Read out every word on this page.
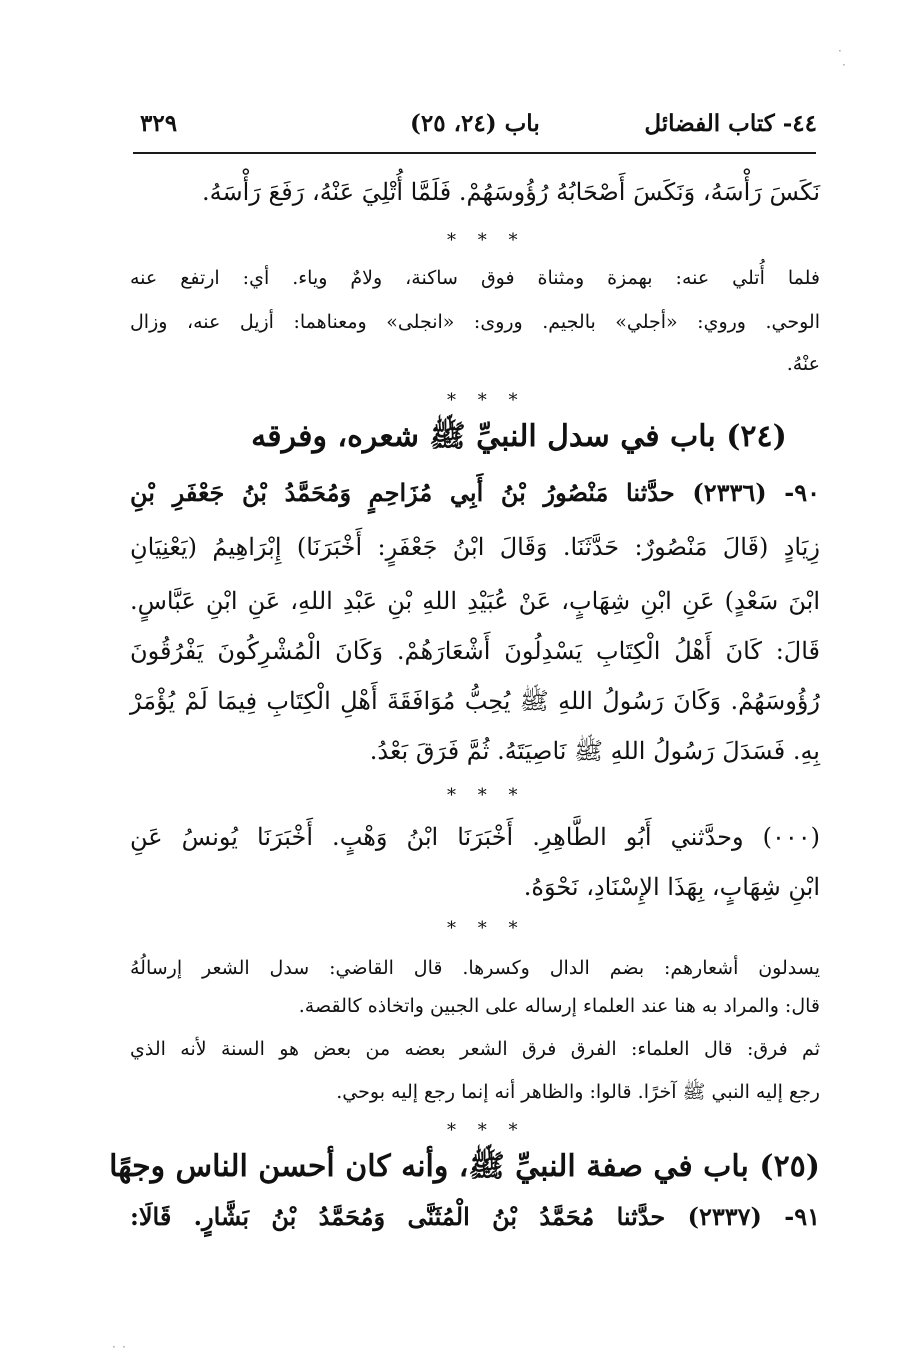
·
·
· ·
٤٤- كتاب الفضائل
باب (٢٤، ٢٥)
٣٢٩
نَكَسَ رَأْسَهُ، وَنَكَسَ أَصْحَابُهُ رُؤُوسَهُمْ. فَلَمَّا أُتْلِيَ عَنْهُ، رَفَعَ رَأْسَهُ.
* * *
فلما أُتلي عنه: بهمزة ومثناة فوق ساكنة، ولامٌ وياء. أي: ارتفع عنه
الوحي. وروي: «أجلي» بالجيم. وروى: «انجلى» ومعناهما: أزيل عنه، وزال
عنْهُ.
* * *
(٢٤) باب في سدل النبيِّ ﷺ شعره، وفرقه
٩٠- (٢٣٣٦) حدَّثنا مَنْصُورُ بْنُ أَبِي مُزَاحِمٍ وَمُحَمَّدُ بْنُ جَعْفَرِ بْنِ
زِيَادٍ (قَالَ مَنْصُورٌ: حَدَّثَنَا. وَقَالَ ابْنُ جَعْفَرٍ: أَخْبَرَنَا) إِبْرَاهِيمُ (يَعْنِيَانِ
ابْنَ سَعْدٍ) عَنِ ابْنِ شِهَابٍ، عَنْ عُبَيْدِ اللهِ بْنِ عَبْدِ اللهِ، عَنِ ابْنِ عَبَّاسٍ.
قَالَ: كَانَ أَهْلُ الْكِتَابِ يَسْدِلُونَ أَشْعَارَهُمْ. وَكَانَ الْمُشْرِكُونَ يَفْرُقُونَ
رُؤُوسَهُمْ. وَكَانَ رَسُولُ اللهِ ﷺ يُحِبُّ مُوَافَقَةَ أَهْلِ الْكِتَابِ فِيمَا لَمْ يُؤْمَرْ
بِهِ. فَسَدَلَ رَسُولُ اللهِ ﷺ نَاصِيَتَهُ. ثُمَّ فَرَقَ بَعْدُ.
* * *
(٠٠٠) وحدَّثني أَبُو الطَّاهِرِ. أَخْبَرَنَا ابْنُ وَهْبٍ. أَخْبَرَنَا يُونسُ عَنِ
ابْنِ شِهَابٍ، بِهَذَا الإِسْنَادِ، نَحْوَهُ.
* * *
يسدلون أشعارهم: بضم الدال وكسرها. قال القاضي: سدل الشعر إرسالُهُ
قال: والمراد به هنا عند العلماء إرساله على الجبين واتخاذه كالقصة.
ثم فرق: قال العلماء: الفرق فرق الشعر بعضه من بعض هو السنة لأنه الذي
رجع إليه النبي ﷺ آخرًا. قالوا: والظاهر أنه إنما رجع إليه بوحي.
* * *
(٢٥) باب في صفة النبيِّ ﷺ، وأنه كان أحسن الناس وجهًا
٩١- (٢٣٣٧) حدَّثنا مُحَمَّدُ بْنُ الْمُثَنَّى وَمُحَمَّدُ بْنُ بَشَّارٍ. قَالَا:
